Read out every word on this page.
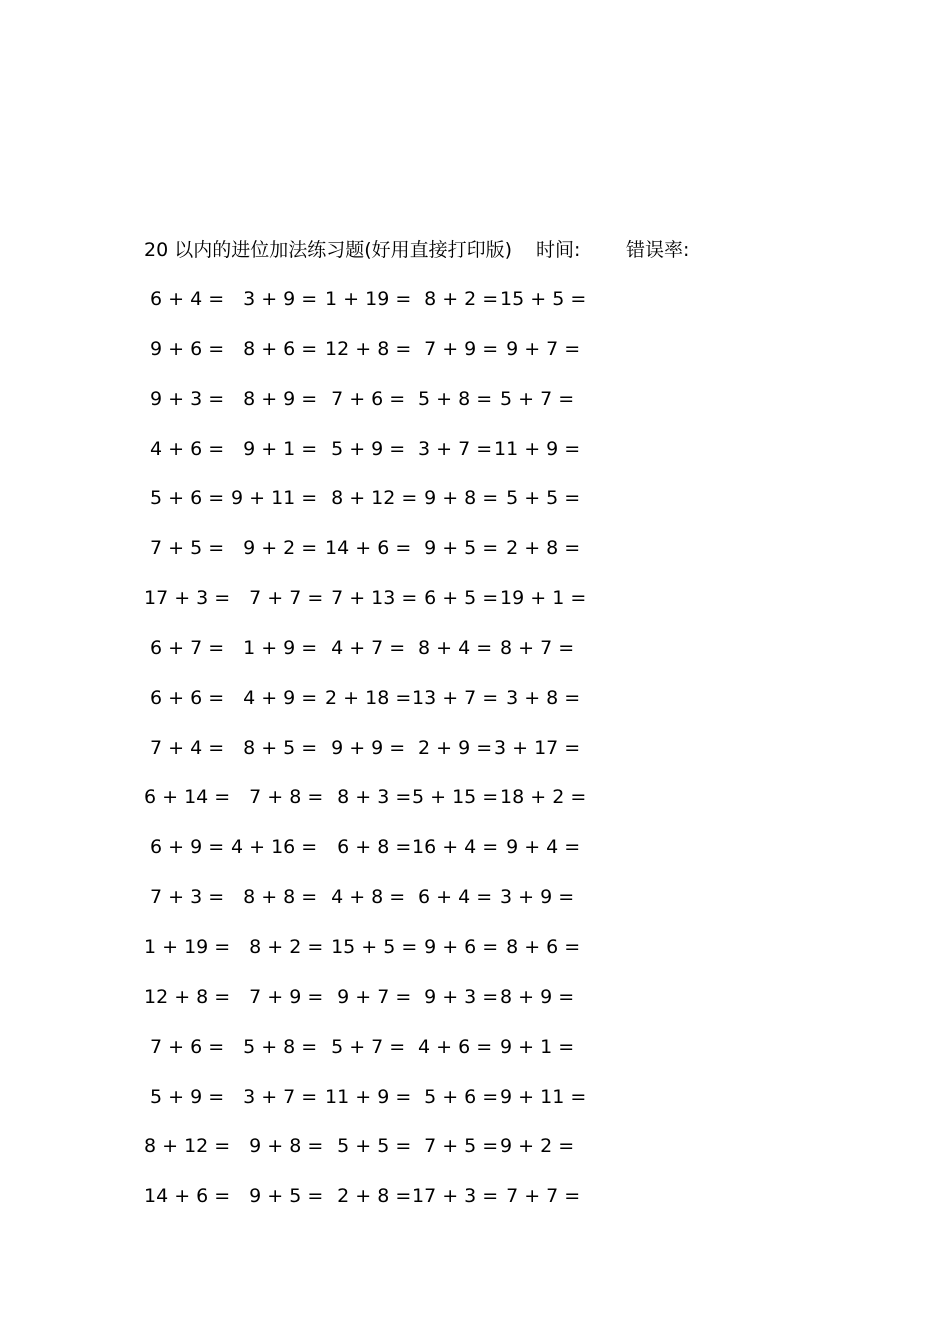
20 以内的进位加法练习题(好用直接打印版) 时间: 错误率:
6 + 4 = 3 + 9 = 1 + 19 = 8 + 2 =
15 + 5 =
9 + 6 = 8 + 6 = 12 + 8 = 7 + 9 =
9 + 7 =
9 + 3 = 8 + 9 = 7 + 6 = 5 + 8 = 5 + 7 =
4 + 6 = 9 + 1 = 5 + 9 = 3 + 7 = 11 + 9 =
5 + 6 = 9 + 11 = 8 + 12 =
9 + 8 =
5 + 5 =
7 + 5 = 9 + 2 = 14 + 6 = 9 + 5 =
2 + 8 =
17 + 3 = 7 + 7 =
7 + 13 =
6 + 5 =
19 + 1 =
6 + 7 = 1 + 9 = 4 + 7 = 8 + 4 = 8 + 7 =
6 + 6 = 4 + 9 = 2 + 18 = 13 + 7 =
3 + 8 =
7 + 4 = 8 + 5 = 9 + 9 = 2 + 9 = 3 + 17 =
6 + 14 = 7 + 8 =
8 + 3 = 5 + 15 =
18 + 2 =
6 + 9 = 4 + 16 = 6 + 8 = 16 + 4 =
9 + 4 =
7 + 3 = 8 + 8 = 4 + 8 = 6 + 4 = 3 + 9 =
1 + 19 = 8 + 2 =
15 + 5 =
9 + 6 =
8 + 6 =
12 + 8 = 7 + 9 =
9 + 7 = 9 + 3 =
8 + 9 =
7 + 6 = 5 + 8 = 5 + 7 = 4 + 6 = 9 + 1 =
5 + 9 = 3 + 7 = 11 + 9 = 5 + 6 =
9 + 11 =
8 + 12 = 9 + 8 =
5 + 5 = 7 + 5 =
9 + 2 =
14 + 6 = 9 + 5 =
2 + 8 = 17 + 3 =
7 + 7 =
